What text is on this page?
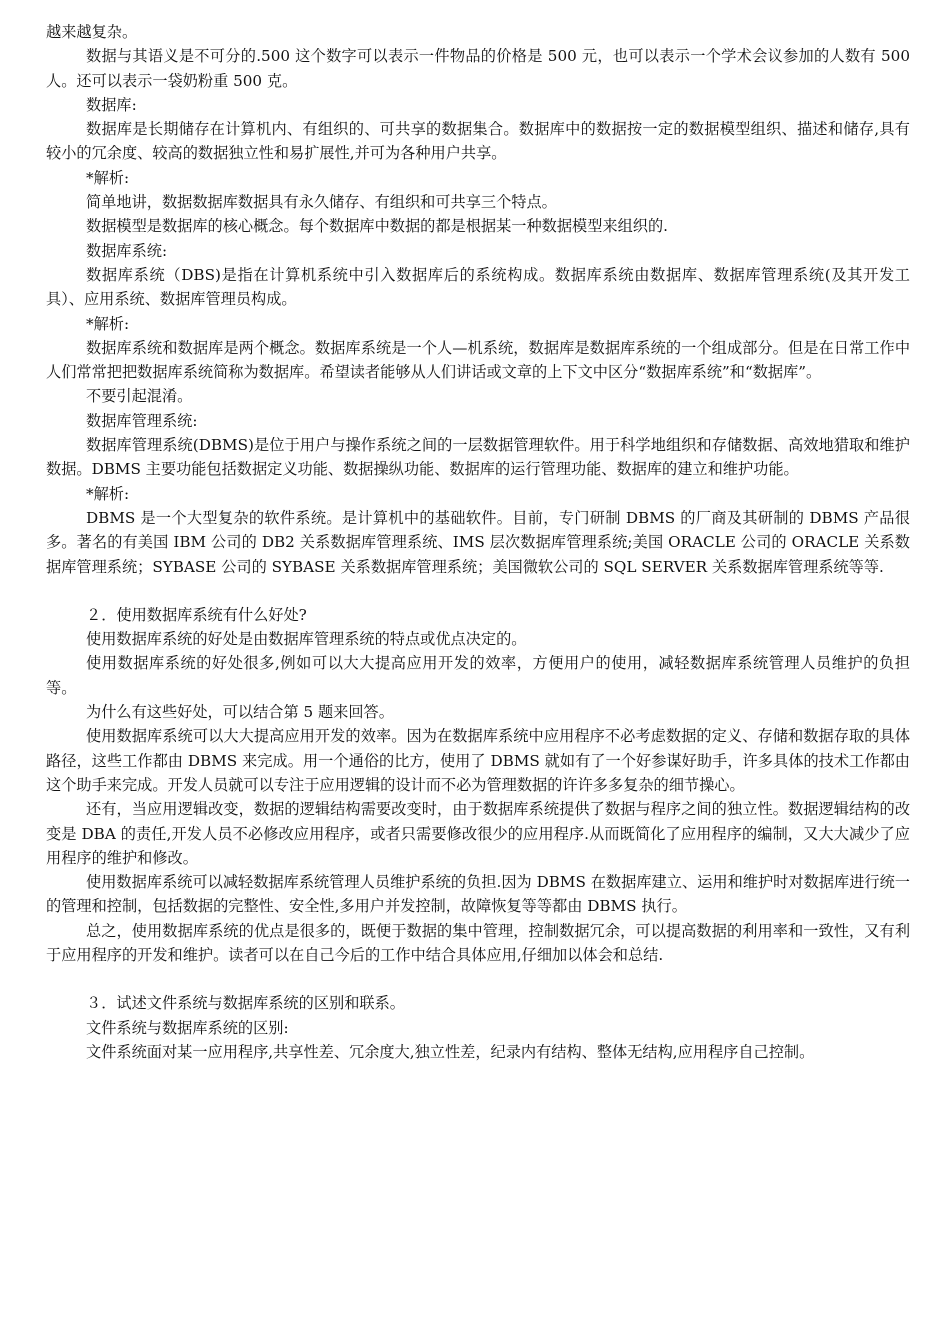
越来越复杂。

数据与其语义是不可分的.500 这个数字可以表示一件物品的价格是 500 元，也可以表示一个学术会议参加的人数有 500 人。还可以表示一袋奶粉重 500 克。

数据库:

数据库是长期储存在计算机内、有组织的、可共享的数据集合。数据库中的数据按一定的数据模型组织、描述和储存,具有较小的冗余度、较高的数据独立性和易扩展性,并可为各种用户共享。

*解析:

简单地讲，数据数据库数据具有永久储存、有组织和可共享三个特点。

数据模型是数据库的核心概念。每个数据库中数据的都是根据某一种数据模型来组织的.

数据库系统:

数据库系统（DBS)是指在计算机系统中引入数据库后的系统构成。数据库系统由数据库、数据库管理系统(及其开发工具）、应用系统、数据库管理员构成。

*解析:

数据库系统和数据库是两个概念。数据库系统是一个人—机系统，数据库是数据库系统的一个组成部分。但是在日常工作中人们常常把把数据库系统简称为数据库。希望读者能够从人们讲话或文章的上下文中区分“数据库系统”和“数据库”。

不要引起混淆。

数据库管理系统:

数据库管理系统(DBMS)是位于用户与操作系统之间的一层数据管理软件。用于科学地组织和存储数据、高效地猎取和维护数据。DBMS 主要功能包括数据定义功能、数据操纵功能、数据库的运行管理功能、数据库的建立和维护功能。

*解析:

DBMS 是一个大型复杂的软件系统。是计算机中的基础软件。目前，专门研制 DBMS 的厂商及其研制的 DBMS 产品很多。著名的有美国 IBM 公司的 DB2 关系数据库管理系统、IMS 层次数据库管理系统;美国 ORACLE 公司的 ORACLE 关系数据库管理系统；SYBASE 公司的 SYBASE 关系数据库管理系统；美国微软公司的 SQL SERVER 关系数据库管理系统等等.

２．使用数据库系统有什么好处?

使用数据库系统的好处是由数据库管理系统的特点或优点决定的。

使用数据库系统的好处很多,例如可以大大提高应用开发的效率，方便用户的使用，减轻数据库系统管理人员维护的负担等。

为什么有这些好处，可以结合第 5 题来回答。

使用数据库系统可以大大提高应用开发的效率。因为在数据库系统中应用程序不必考虑数据的定义、存储和数据存取的具体路径，这些工作都由 DBMS 来完成。用一个通俗的比方，使用了 DBMS 就如有了一个好参谋好助手，许多具体的技术工作都由这个助手来完成。开发人员就可以专注于应用逻辑的设计而不必为管理数据的许许多多复杂的细节操心。

还有，当应用逻辑改变，数据的逻辑结构需要改变时，由于数据库系统提供了数据与程序之间的独立性。数据逻辑结构的改变是 DBA 的责任,开发人员不必修改应用程序，或者只需要修改很少的应用程序.从而既简化了应用程序的编制，又大大减少了应用程序的维护和修改。

使用数据库系统可以减轻数据库系统管理人员维护系统的负担.因为 DBMS 在数据库建立、运用和维护时对数据库进行统一的管理和控制，包括数据的完整性、安全性,多用户并发控制，故障恢复等等都由 DBMS 执行。

总之，使用数据库系统的优点是很多的，既便于数据的集中管理，控制数据冗余，可以提高数据的利用率和一致性，又有利于应用程序的开发和维护。读者可以在自己今后的工作中结合具体应用,仔细加以体会和总结.

３．试述文件系统与数据库系统的区别和联系。

文件系统与数据库系统的区别:

文件系统面对某一应用程序,共享性差、冗余度大,独立性差，纪录内有结构、整体无结构,应用程序自己控制。
